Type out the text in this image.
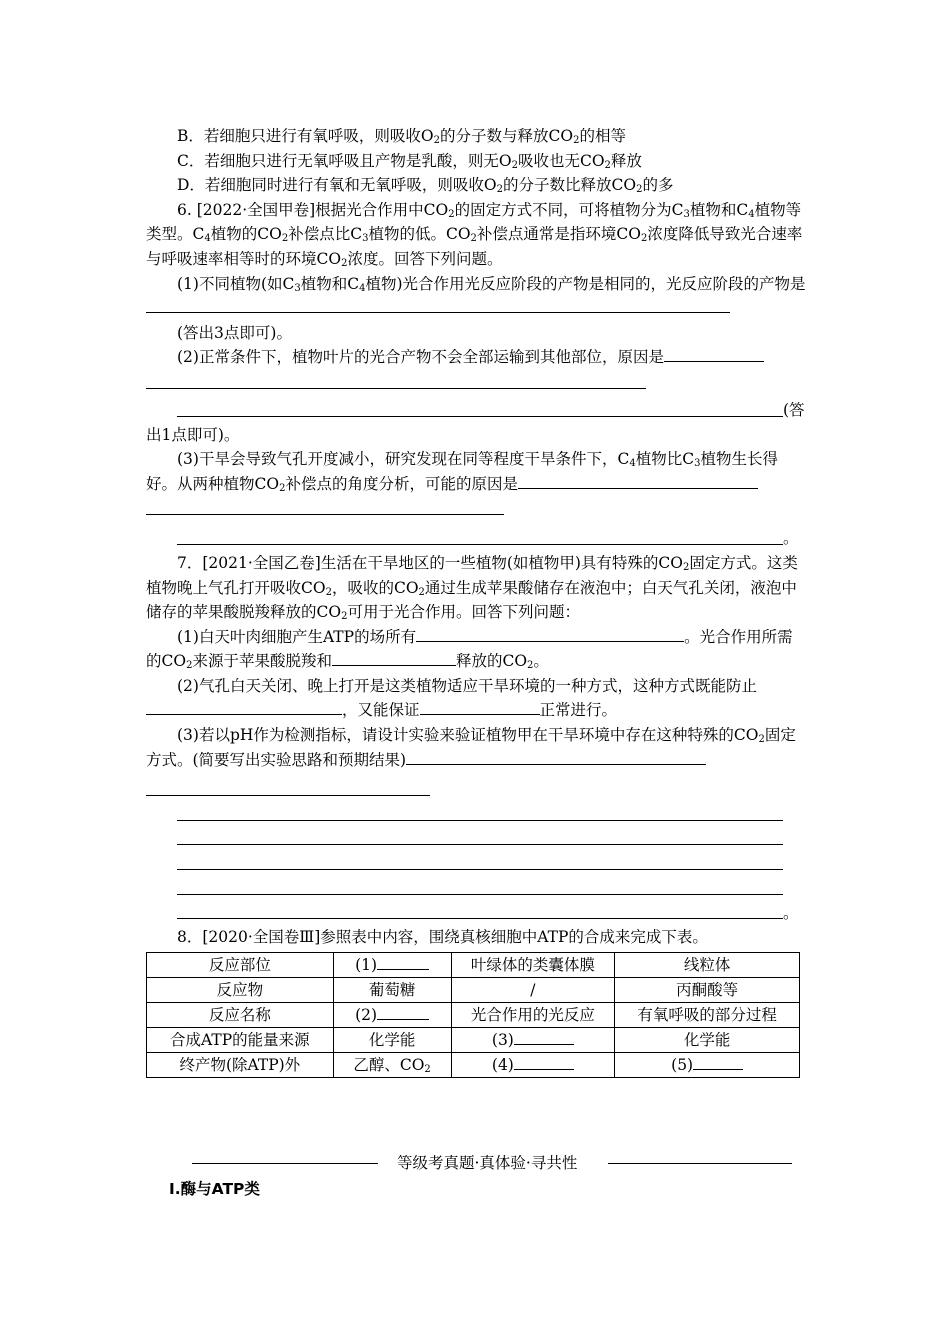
B．若细胞只进行有氧呼吸，则吸收$O_2$的分子数与释放$CO_2$的相等

C．若细胞只进行无氧呼吸且产物是乳酸，则无$O_2$吸收也无$CO_2$释放

D．若细胞同时进行有氧和无氧呼吸，则吸收$O_2$的分子数比释放$CO_2$的多

6. [2022·全国甲卷]根据光合作用中$CO_2$的固定方式不同，可将植物分为$C_3$植物和$C_4$植物等类型。$C_4$植物的$CO_2$补偿点比$C_3$植物的低。$CO_2$补偿点通常是指环境$CO_2$浓度降低导致光合速率与呼吸速率相等时的环境$CO_2$浓度。回答下列问题。

(1)不同植物(如$C_3$植物和$C_4$植物)光合作用光反应阶段的产物是相同的，光反应阶段的产物是

(答出3点即可)。

(2)正常条件下，植物叶片的光合产物不会全部运输到其他部位，原因是

(答

出1点即可)。

(3)干旱会导致气孔开度减小，研究发现在同等程度干旱条件下，$C_4$植物比$C_3$植物生长得好。从两种植物$CO_2$补偿点的角度分析，可能的原因是

。

7．[2021·全国乙卷]生活在干旱地区的一些植物(如植物甲)具有特殊的$CO_2$固定方式。这类植物晚上气孔打开吸收$CO_2$，吸收的$CO_2$通过生成苹果酸储存在液泡中；白天气孔关闭，液泡中储存的苹果酸脱羧释放的$CO_2$可用于光合作用。回答下列问题：

(1)白天叶肉细胞产生ATP的场所有	。光合作用所需的$CO_2$来源于苹果酸脱羧和	释放的$CO_2$。

(2)气孔白天关闭、晚上打开是这类植物适应干旱环境的一种方式，这种方式既能防止，又能保证	正常进行。

(3)若以pH作为检测指标，请设计实验来验证植物甲在干旱环境中存在这种特殊的$CO_2$固定方式。(简要写出实验思路和预期结果)

。

8．[2020·全国卷Ⅲ]参照表中内容，围绕真核细胞中ATP的合成来完成下表。

反应部位	(1)	叶绿体的类囊体膜	线粒体
反应物	葡萄糖	/	丙酮酸等
反应名称	(2)	光合作用的光反应	有氧呼吸的部分过程
合成ATP的能量来源	化学能	(3)	化学能
终产物(除ATP)外	乙醇、$CO_2$	(4)	(5)
等级考真题·真体验·寻共性
Ⅰ.酶与ATP类
